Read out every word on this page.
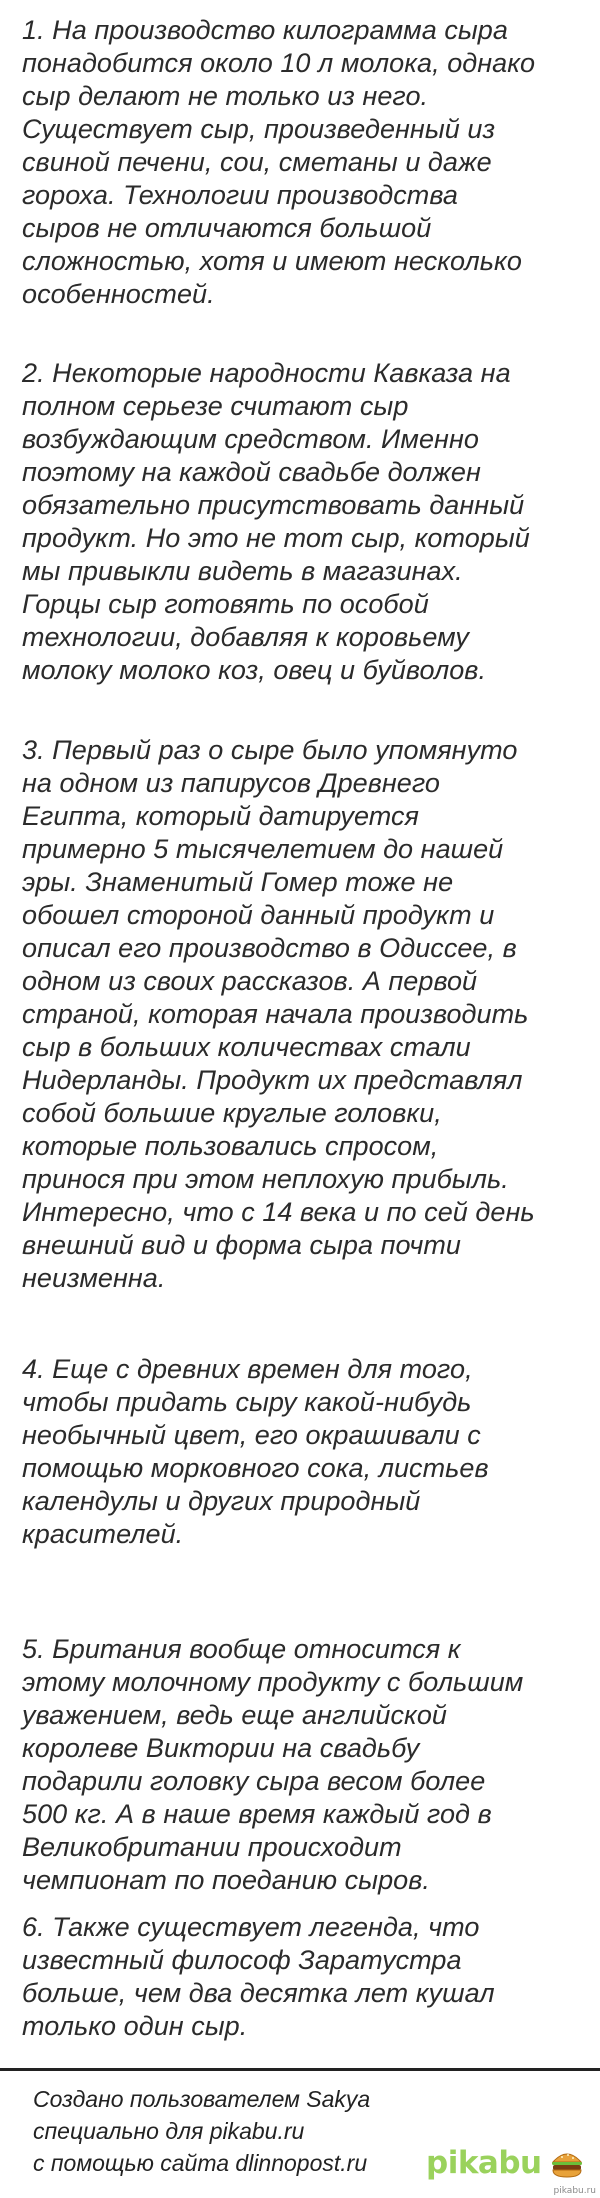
1. На производство килограмма сыра
понадобится около 10 л молока, однако
сыр делают не только из него.
Существует сыр, произведенный из
свиной печени, сои, сметаны и даже
гороха. Технологии производства
сыров не отличаются большой
сложностью, хотя и имеют несколько
особенностей.
2. Некоторые народности Кавказа на
полном серьезе считают сыр
возбуждающим средством. Именно
поэтому на каждой свадьбе должен
обязательно присутствовать данный
продукт. Но это не тот сыр, который
мы привыкли видеть в магазинах.
Горцы сыр готовять по особой
технологии, добавляя к коровьему
молоку молоко коз, овец и буйволов.
3. Первый раз о сыре было упомянуто
на одном из папирусов Древнего
Египта, который датируется
примерно 5 тысячелетием до нашей
эры. Знаменитый Гомер тоже не
обошел стороной данный продукт и
описал его производство в Одиссее, в
одном из своих рассказов. А первой
страной, которая начала производить
сыр в больших количествах стали
Нидерланды. Продукт их представлял
собой большие круглые головки,
которые пользовались спросом,
принося при этом неплохую прибыль.
Интересно, что с 14 века и по сей день
внешний вид и форма сыра почти
неизменна.
4. Еще с древних времен для того,
чтобы придать сыру какой-нибудь
необычный цвет, его окрашивали с
помощью морковного сока, листьев
календулы и других природный
красителей.
5. Британия вообще относится к
этому молочному продукту с большим
уважением, ведь еще английской
королеве Виктории на свадьбу
подарили головку сыра весом более
500 кг. А в наше время каждый год в
Великобритании происходит
чемпионат по поеданию сыров.
6. Также существует легенда, что
известный философ Заратустра
больше, чем два десятка лет кушал
только один сыр.
Создано пользователем Sakya
специально для pikabu.ru
с помощью сайта dlinnopost.ru pikabu
pikabu.ru
